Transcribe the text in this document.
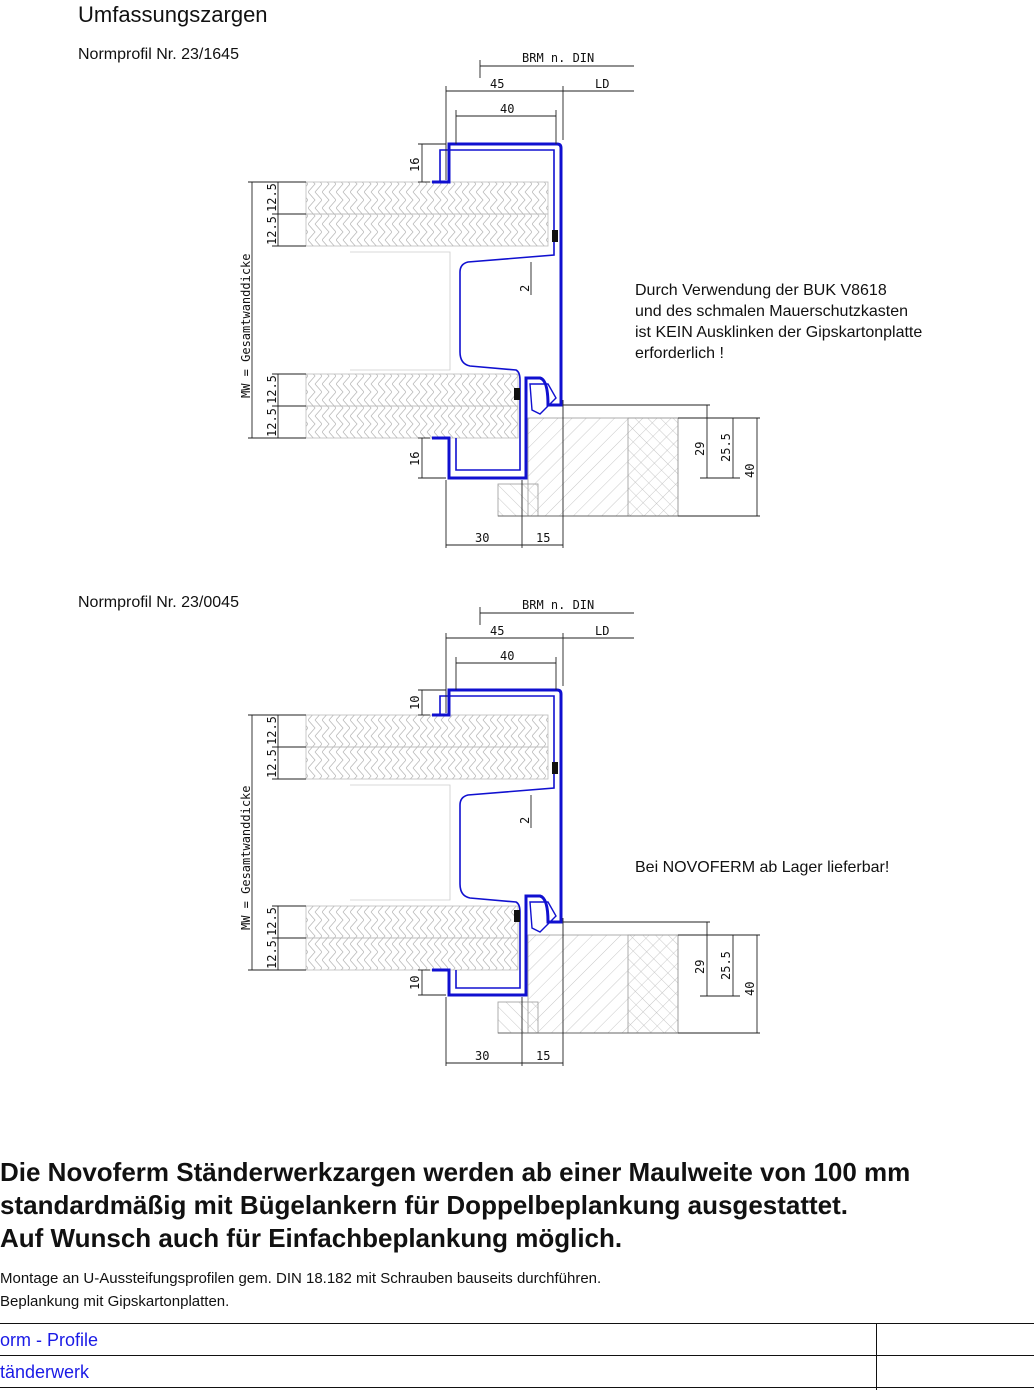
Umfassungszargen
Normprofil Nr. 23/1645
Normprofil Nr. 23/0045
BRM n. DIN
LD
45
40
16
16
MW = Gesamtwanddicke
12.5
12.5
12.5
12.5
2
29 25.5
40
30	15
BRM n. DIN
LD
45
40
10
10
MW = Gesamtwanddicke
12.5
12.5
12.5
12.5
2
29 25.5
40
30	15
Durch Verwendung der BUK V8618
und des schmalen Mauerschutzkasten
ist KEIN Ausklinken der Gipskartonplatte
erforderlich !
Bei NOVOFERM ab Lager lieferbar!
Die Novoferm Ständerwerkzargen werden ab einer Maulweite von 100 mm
standardmäßig mit Bügelankern für Doppelbeplankung ausgestattet.
Auf Wunsch auch für Einfachbeplankung möglich.
Montage an U-Aussteifungsprofilen gem. DIN 18.182 mit Schrauben bauseits durchführen.
Beplankung mit Gipskartonplatten.
orm - Profile
tänderwerk
